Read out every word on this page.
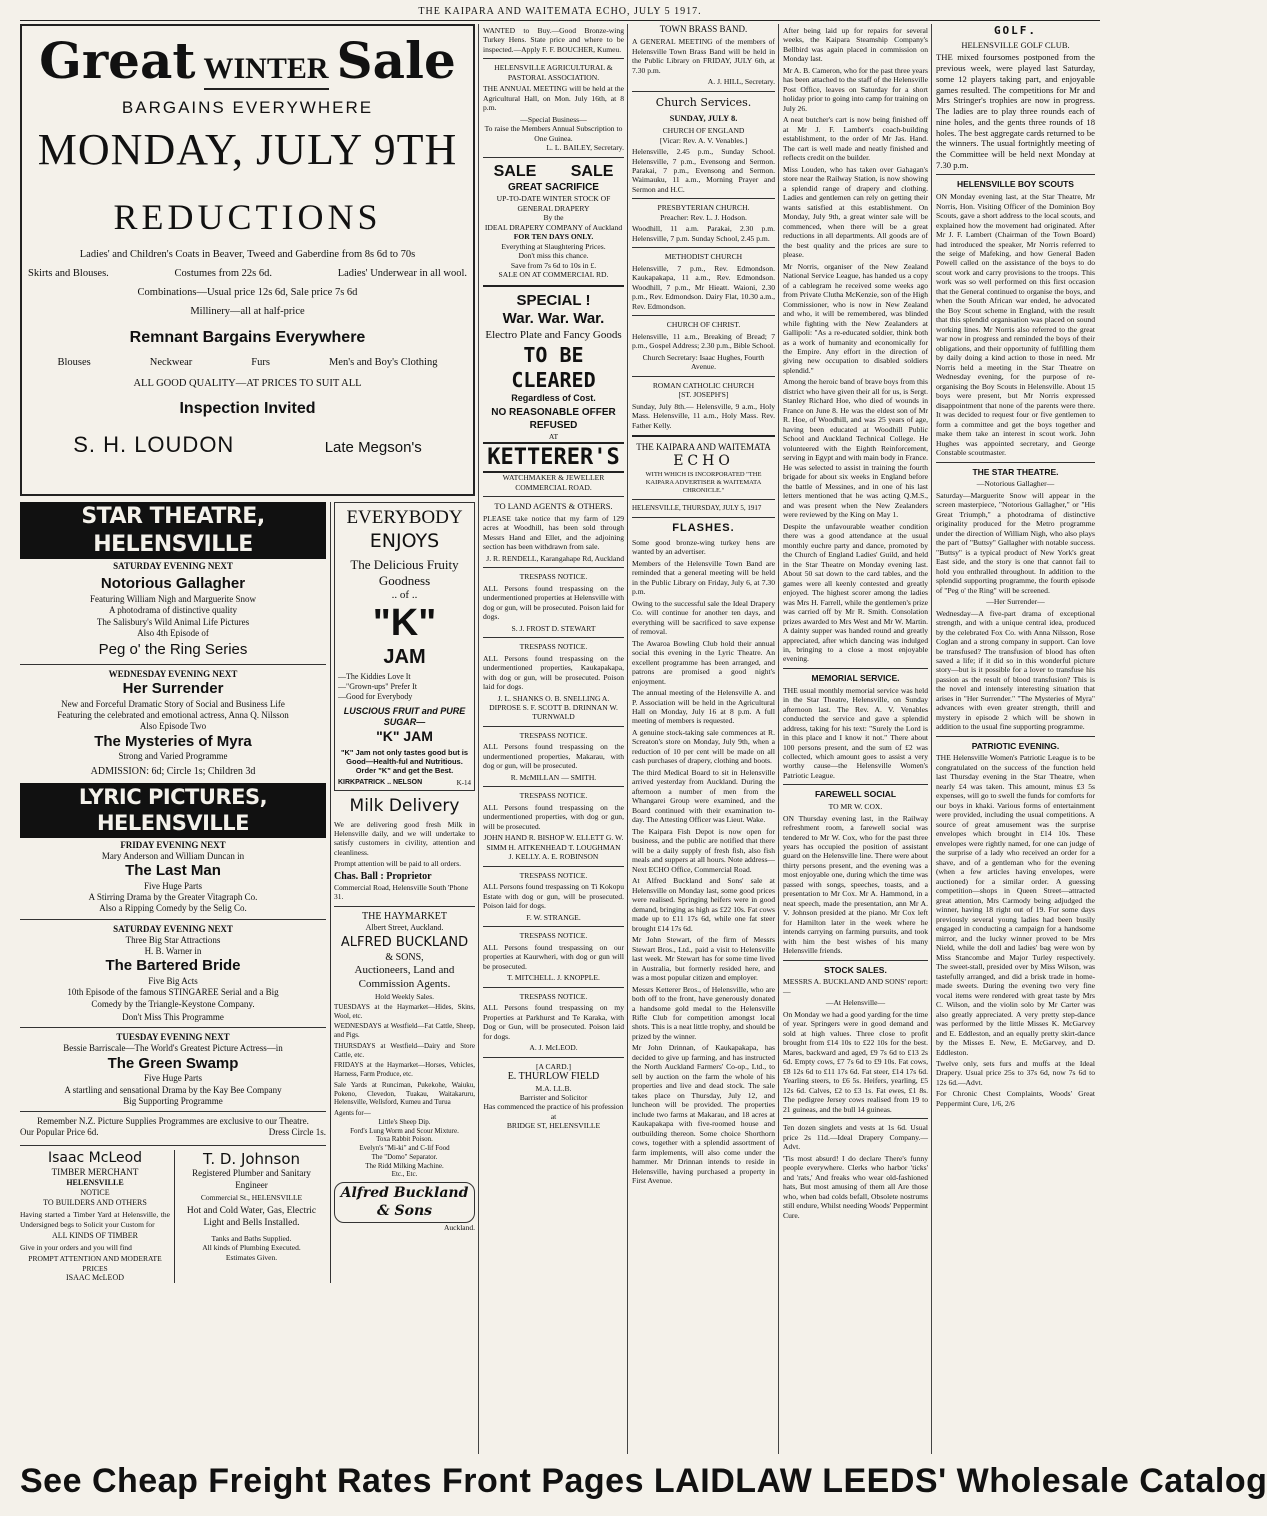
THE KAIPARA AND WAITEMATA ECHO, JULY 5 1917.
Great WINTER Sale
BARGAINS EVERYWHERE
MONDAY, JULY 9TH
REDUCTIONS
Ladies' and Children's Coats in Beaver, Tweed and Gaberdine from 8s 6d to 70s
Skirts and Blouses.	Costumes from 22s 6d.	Ladies' Underwear in all wool.
Combinations—Usual price 12s 6d, Sale price 7s 6d
Millinery—all at half-price
Remnant Bargains Everywhere
Blouses	Neckwear	Furs	Men's and Boy's Clothing
ALL GOOD QUALITY—AT PRICES TO SUIT ALL
Inspection Invited
S. H. LOUDON	Late Megson's
STAR THEATRE, HELENSVILLE
SATURDAY EVENING NEXT
Notorious Gallagher
Featuring William Nigh and Marguerite Snow
A photodrama of distinctive quality
The Salisbury's Wild Animal Life Pictures
Also 4th Episode of
Peg o' the Ring Series
WEDNESDAY EVENING NEXT
Her Surrender
New and Forceful Dramatic Story of Social and Business Life
Featuring the celebrated and emotional actress, Anna Q. Nilsson
Also Episode Two
The Mysteries of Myra
Strong and Varied Programme
ADMISSION: 6d; Circle 1s; Children 3d
LYRIC PICTURES, HELENSVILLE
FRIDAY EVENING NEXT
Mary Anderson and William Duncan in
The Last Man
Five Huge Parts
A Stirring Drama by the Greater Vitagraph Co.
Also a Ripping Comedy by the Selig Co.
SATURDAY EVENING NEXT
Three Big Star Attractions
H. B. Warner in
The Bartered Bride
Five Big Acts
10th Episode of the famous STINGAREE Serial and a Big
Comedy by the Triangle-Keystone Company.
Don't Miss This Programme
TUESDAY EVENING NEXT
Bessie Barriscale—The World's Greatest Picture Actress—in
The Green Swamp
Five Huge Parts
A startling and sensational Drama by the Kay Bee Company
Big Supporting Programme
Remember N.Z. Picture Supplies Programmes are exclusive to our Theatre.
Our Popular Price 6d.	Dress Circle 1s.
Isaac McLeod
TIMBER MERCHANT
HELENSVILLE
NOTICE
TO BUILDERS AND OTHERS

Having started a Timber Yard at Helensville, the Undersigned begs to Solicit your Custom for

ALL KINDS OF TIMBER

Give in your orders and you will find

PROMPT ATTENTION AND MODERATE PRICES
ISAAC McLEOD
T. D. Johnson
Registered Plumber and Sanitary Engineer
Commercial St., HELENSVILLE
Hot and Cold Water, Gas, Electric Light and Bells Installed.
Tanks and Baths Supplied.
All kinds of Plumbing Executed.
Estimates Given.
EVERYBODY
ENJOYS
The Delicious Fruity Goodness
.. of ..
"K"
JAM
—The Kiddies Love It
—"Grown-ups" Prefer It
—Good for Everybody
LUSCIOUS FRUIT and PURE SUGAR—
"K" JAM
"K" Jam not only tastes good but is Good—Health-ful and Nutritious. Order "K" and get the Best.
KIRKPATRICK .. NELSON	K-14
Milk Delivery

We are delivering good fresh Milk in Helensville daily, and we will undertake to satisfy customers in civility, attention and cleanliness.

Prompt attention will be paid to all orders.

Chas. Ball : Proprietor
Commercial Road, Helensville South 'Phone 31.
THE HAYMARKET
Albert Street, Auckland.
ALFRED BUCKLAND
& SONS,
Auctioneers, Land and Commission Agents.
Hold Weekly Sales.

TUESDAYS at the Haymarket—Hides, Skins, Wool, etc.

WEDNESDAYS at Westfield—Fat Cattle, Sheep, and Pigs.

THURSDAYS at Westfield—Dairy and Store Cattle, etc.

FRIDAYS at the Haymarket—Horses, Vehicles, Harness, Farm Produce, etc.

Sale Yards at Runciman, Pukekohe, Waiuku, Pokeno, Clevedon, Tuakau, Waitakaruru, Helensville, Wellsford, Kumeu and Turua

Agents for—
Little's Sheep Dip.
Ford's Lung Worm and Scour Mixture.
Toxa Rabbit Poison.
Evelyn's "Mi-ki" and C-lif Food
The "Domo" Separator.
The Ridd Milking Machine.
Etc., Etc.
Alfred Buckland & Sons
Auckland.

WANTED to Buy.—Good Bronze-wing Turkey Hens. State price and where to be inspected.—Apply F. F. BOUCHER, Kumeu.

HELENSVILLE AGRICULTURAL & PASTORAL ASSOCIATION.

THE ANNUAL MEETING will be held at the Agricultural Hall, on Mon. July 16th, at 8 p.m.

—Special Business—
To raise the Members Annual Subscription to One Guinea.
L. L. BAILEY, Secretary.
SALE SALE
GREAT SACRIFICE
UP-TO-DATE WINTER STOCK OF GENERAL DRAPERY
By the
IDEAL DRAPERY COMPANY of Auckland
FOR TEN DAYS ONLY.
Everything at Slaughtering Prices.
Don't miss this chance.
Save from 7s 6d to 10s in £.
SALE ON AT COMMERCIAL RD.
SPECIAL !
War. War. War.
Electro Plate and Fancy Goods
TO BE CLEARED
Regardless of Cost.
NO REASONABLE OFFER REFUSED
AT
KETTERER'S
WATCHMAKER & JEWELLER COMMERCIAL ROAD.
TO LAND AGENTS & OTHERS.

PLEASE take notice that my farm of 129 acres at Woodhill, has been sold through Messrs Hand and Ellet, and the adjoining section has been withdrawn from sale.

J. R. RENDELL, Karangahape Rd, Auckland
TRESPASS NOTICE.

ALL Persons found trespassing on the undermentioned properties at Helensville with dog or gun, will be prosecuted. Poison laid for dogs.

S. J. FROST D. STEWART
TRESPASS NOTICE.

ALL Persons found trespassing on the undermentioned properties, Kaukapakapa, with dog or gun, will be prosecuted. Poison laid for dogs.

J. L. SHANKS O. B. SNELLING A. DIPROSE S. F. SCOTT B. DRINNAN W. TURNWALD
TRESPASS NOTICE.

ALL Persons found trespassing on the undermentioned properties, Makarau, with dog or gun, will be prosecuted.

R. McMILLAN — SMITH.
TRESPASS NOTICE.

ALL Persons found trespassing on the undermentioned properties, with dog or gun, will be prosecuted.

JOHN HAND R. BISHOP W. ELLETT G. W. SIMM H. AITKENHEAD T. LOUGHMAN J. KELLY. A. E. ROBINSON
TRESPASS NOTICE.

ALL Persons found trespassing on Ti Kokopu Estate with dog or gun, will be prosecuted. Poison laid for dogs.

F. W. STRANGE.
TRESPASS NOTICE.

ALL Persons found trespassing on our properties at Kaurwheri, with dog or gun will be prosecuted.

T. MITCHELL. J. KNOPPLE.
TRESPASS NOTICE.

ALL Persons found trespassing on my Properties at Parkhurst and Te Karaka, with Dog or Gun, will be prosecuted. Poison laid for dogs.

A. J. McLEOD.
[A CARD.]
E. THURLOW FIELD
M.A. LL.B.
Barrister and Solicitor
Has commenced the practice of his profession at
BRIDGE ST, HELENSVILLE
TOWN BRASS BAND.

A GENERAL MEETING of the members of Helensville Town Brass Band will be held in the Public Library on FRIDAY, JULY 6th, at 7.30 p.m.

A. J. HILL, Secretary.
Church Services.
SUNDAY, JULY 8.
CHURCH OF ENGLAND
[Vicar: Rev. A. V. Venables.]

Helensville, 2.45 p.m., Sunday School. Helensville, 7 p.m., Evensong and Sermon. Parakai, 7 p.m., Evensong and Sermon. Waimauku, 11 a.m., Morning Prayer and Sermon and H.C.

PRESBYTERIAN CHURCH.
Preacher: Rev. L. J. Hodson.

Woodhill, 11 a.m. Parakai, 2.30 p.m. Helensville, 7 p.m. Sunday School, 2.45 p.m.

METHODIST CHURCH

Helensville, 7 p.m., Rev. Edmondson. Kaukapakapa, 11 a.m., Rev. Edmondson. Woodhill, 7 p.m., Mr Hieatt. Waioni, 2.30 p.m., Rev. Edmondson. Dairy Flat, 10.30 a.m., Rev. Edmondson.

CHURCH OF CHRIST.

Helensville, 11 a.m., Breaking of Bread; 7 p.m., Gospel Address; 2.30 p.m., Bible School.

Church Secretary: Isaac Hughes, Fourth Avenue.
ROMAN CATHOLIC CHURCH
[ST. JOSEPH'S]

Sunday, July 8th.— Helensville, 9 a.m., Holy Mass. Helensville, 11 a.m., Holy Mass. Rev. Father Kelly.

THE KAIPARA AND WAITEMATA
ECHO
WITH WHICH IS INCORPORATED "THE KAIPARA ADVERTISER & WAITEMATA CHRONICLE."
HELENSVILLE, THURSDAY, JULY 5, 1917
FLASHES.

Some good bronze-wing turkey hens are wanted by an advertiser.

Members of the Helensville Town Band are reminded that a general meeting will be held in the Public Library on Friday, July 6, at 7.30 p.m.

Owing to the successful sale the Ideal Drapery Co. will continue for another ten days, and everything will be sacrificed to save expense of removal.

The Awaroa Bowling Club hold their annual social this evening in the Lyric Theatre. An excellent programme has been arranged, and patrons are promised a good night's enjoyment.

The annual meeting of the Helensville A. and P. Association will be held in the Agricultural Hall on Monday, July 16 at 8 p.m. A full meeting of members is requested.

A genuine stock-taking sale commences at R. Screaton's store on Monday, July 9th, when a reduction of 10 per cent will be made on all cash purchases of drapery, clothing and boots.

The third Medical Board to sit in Helensville arrived yesterday from Auckland. During the afternoon a number of men from the Whangarei Group were examined, and the Board continued with their examination to-day. The Attesting Officer was Lieut. Wake.

The Kaipara Fish Depot is now open for business, and the public are notified that there will be a daily supply of fresh fish, also fish meals and suppers at all hours. Note address—Next ECHO Office, Commercial Road.

At Alfred Buckland and Sons' sale at Helensville on Monday last, some good prices were realised. Springing heifers were in good demand, bringing as high as £22 10s. Fat cows made up to £11 17s 6d, while one fat steer brought £14 17s 6d.

Mr John Stewart, of the firm of Messrs Stewart Bros., Ltd., paid a visit to Helensville last week. Mr Stewart has for some time lived in Australia, but formerly resided here, and was a most popular citizen and employer.

Messrs Ketterer Bros., of Helensville, who are both off to the front, have generously donated a handsome gold medal to the Helensville Rifle Club for competition amongst local shots. This is a neat little trophy, and should be prized by the winner.

Mr John Drinnan, of Kaukapakapa, has decided to give up farming, and has instructed the North Auckland Farmers' Co-op., Ltd., to sell by auction on the farm the whole of his properties and live and dead stock. The sale takes place on Thursday, July 12, and luncheon will be provided. The properties include two farms at Makarau, and 18 acres at Kaukapakapa with five-roomed house and outbuilding thereon. Some choice Shorthorn cows, together with a splendid assortment of farm implements, will also come under the hammer. Mr Drinnan intends to reside in Helensville, having purchased a property in First Avenue.

After being laid up for repairs for several weeks, the Kaipara Steamship Company's Bellbird was again placed in commission on Monday last.

Mr A. B. Cameron, who for the past three years has been attached to the staff of the Helensville Post Office, leaves on Saturday for a short holiday prior to going into camp for training on July 26.

A neat butcher's cart is now being finished off at Mr J. F. Lambert's coach-building establishment, to the order of Mr Jas. Hand. The cart is well made and neatly finished and reflects credit on the builder.

Miss Louden, who has taken over Gahagan's store near the Railway Station, is now showing a splendid range of drapery and clothing. Ladies and gentlemen can rely on getting their wants satisfied at this establishment. On Monday, July 9th, a great winter sale will be commenced, when there will be a great reductions in all departments. All goods are of the best quality and the prices are sure to please.

Mr Norris, organiser of the New Zealand National Service League, has handed us a copy of a cablegram he received some weeks ago from Private Clutha McKenzie, son of the High Commissioner, who is now in New Zealand and who, it will be remembered, was blinded while fighting with the New Zealanders at Gallipoli: "As a re-educated soldier, think both as a work of humanity and economically for the Empire. Any effort in the direction of giving new occupation to disabled soldiers splendid."

Among the heroic band of brave boys from this district who have given their all for us, is Sergt. Stanley Richard Hoe, who died of wounds in France on June 8. He was the eldest son of Mr R. Hoe, of Woodhill, and was 25 years of age, having been educated at Woodhill Public School and Auckland Technical College. He volunteered with the Eighth Reinforcement, serving in Egypt and with main body in France. He was selected to assist in training the fourth brigade for about six weeks in England before the battle of Messines, and in one of his last letters mentioned that he was acting Q.M.S., and was present when the New Zealanders were reviewed by the King on May 1.

Despite the unfavourable weather condition there was a good attendance at the usual monthly euchre party and dance, promoted by the Church of England Ladies' Guild, and held in the Star Theatre on Monday evening last. About 50 sat down to the card tables, and the games were all keenly contested and greatly enjoyed. The highest scorer among the ladies was Mrs H. Farrell, while the gentlemen's prize was carried off by Mr R. Smith. Consolation prizes awarded to Mrs West and Mr W. Martin. A dainty supper was handed round and greatly appreciated, after which dancing was indulged in, bringing to a close a most enjoyable evening.

MEMORIAL SERVICE.

THE usual monthly memorial service was held in the Star Theatre, Helensville, on Sunday afternoon last. The Rev. A. V. Venables conducted the service and gave a splendid address, taking for his text: "Surely the Lord is in this place and I know it not." There about 100 persons present, and the sum of £2 was collected, which amount goes to assist a very worthy cause—the Helensville Women's Patriotic League.

FAREWELL SOCIAL
TO MR W. COX.

ON Thursday evening last, in the Railway refreshment room, a farewell social was tendered to Mr W. Cox, who for the past three years has occupied the position of assistant guard on the Helensville line. There were about thirty persons present, and the evening was a most enjoyable one, during which the time was passed with songs, speeches, toasts, and a presentation to Mr Cox. Mr A. Hammond, in a neat speech, made the presentation, ann Mr A. V. Johnson presided at the piano. Mr Cox left for Hamilton later in the week where he intends carrying on farming pursuits, and took with him the best wishes of his many Helensville friends.

STOCK SALES.

MESSRS A. BUCKLAND AND SONS' report:—

—At Helensville—

On Monday we had a good yarding for the time of year. Springers were in good demand and sold at high values. Three close to profit brought from £14 10s to £22 10s for the best. Mares, backward and aged, £9 7s 6d to £13 2s 6d. Empty cows, £7 7s 6d to £9 10s. Fat cows, £8 12s 6d to £11 17s 6d. Fat steer, £14 17s 6d. Yearling steers, to £6 5s. Heifers, yearling, £5 12s 6d. Calves, £2 to £3 1s. Fat ewes, £1 8s. The pedigree Jersey cows realised from 19 to 21 guineas, and the bull 14 guineas.

Ten dozen singlets and vests at 1s 6d. Usual price 2s 11d.—Ideal Drapery Company.—Advt.

'Tis most absurd! I do declare There's funny people everywhere. Clerks who harbor 'ticks' and 'rats,' And freaks who wear old-fashioned hats, But most amusing of them all Are those who, when bad colds befall, Obsolete nostrums still endure, Whilst needing Woods' Peppermint Cure.

GOLF.
HELENSVILLE GOLF CLUB.

THE mixed foursomes postponed from the previous week, were played last Saturday, some 12 players taking part, and enjoyable games resulted. The competitions for Mr and Mrs Stringer's trophies are now in progress. The ladies are to play three rounds each of nine holes, and the gents three rounds of 18 holes. The best aggregate cards returned to be the winners. The usual fortnightly meeting of the Committee will be held next Monday at 7.30 p.m.

HELENSVILLE BOY SCOUTS

ON Monday evening last, at the Star Theatre, Mr Norris, Hon. Visiting Officer of the Dominion Boy Scouts, gave a short address to the local scouts, and explained how the movement had originated. After Mr J. F. Lambert (Chairman of the Town Board) had introduced the speaker, Mr Norris referred to the seige of Mafeking, and how General Baden Powell called on the assistance of the boys to do scout work and carry provisions to the troops. This work was so well performed on this first occasion that the General continued to organise the boys, and when the South African war ended, he advocated the Boy Scout scheme in England, with the result that this splendid organisation was placed on sound working lines. Mr Norris also referred to the great war now in progress and reminded the boys of their obligations, and their opportunity of fulfilling them by daily doing a kind action to those in need. Mr Norris held a meeting in the Star Theatre on Wednesday evening, for the purpose of re-organising the Boy Scouts in Helensville. About 15 boys were present, but Mr Norris expressed disappointment that none of the parents were there. It was decided to request four or five gentlemen to form a committee and get the boys together and make them take an interest in scout work. John Hughes was appointed secretary, and George Constable scoutmaster.

THE STAR THEATRE.
—Notorious Gallagher—

Saturday—Marguerite Snow will appear in the screen masterpiece, "Notorious Gallagher," or "His Great Triumph," a photodrama of distinctive originality produced for the Metro programme under the direction of William Nigh, who also plays the part of "Buttsy" Gallagher with notable success. "Buttsy" is a typical product of New York's great East side, and the story is one that cannot fail to hold you enthralled throughout. In addition to the splendid supporting programme, the fourth episode of "Peg o' the Ring" will be screened.

—Her Surrender—

Wednesday—A five-part drama of exceptional strength, and with a unique central idea, produced by the celebrated Fox Co. with Anna Nilsson, Rose Coglan and a strong company in support. Can love be transfused? The transfusion of blood has often saved a life; if it did so in this wonderful picture story—but is it possible for a lover to transfuse his passion as the result of blood transfusion? This is the novel and intensely interesting situation that arises in "Her Surrender." "The Mysteries of Myra" advances with even greater strength, thrill and mystery in episode 2 which will be shown in addition to the usual fine supporting programme.

PATRIOTIC EVENING.

THE Helensville Women's Patriotic League is to be congratulated on the success of the function held last Thursday evening in the Star Theatre, when nearly £4 was taken. This amount, minus £3 5s expenses, will go to swell the funds for comforts for our boys in khaki. Various forms of entertainment were provided, including the usual competitions. A source of great amusement was the surprise envelopes which brought in £14 10s. These envelopes were rightly named, for one can judge of the surprise of a lady who received an order for a shave, and of a gentleman who for the evening (when a few articles having envelopes, were auctioned) for a similar order. A guessing competition—shops in Queen Street—attracted great attention, Mrs Carmody being adjudged the winner, having 18 right out of 19. For some days previously several young ladies had been busily engaged in conducting a campaign for a handsome mirror, and the lucky winner proved to be Mrs Nield, while the doll and ladies' bag were won by Miss Stancombe and Major Turley respectively. The sweet-stall, presided over by Miss Wilson, was tastefully arranged, and did a brisk trade in home-made sweets. During the evening two very fine vocal items were rendered with great taste by Mrs C. Wilson, and the violin solo by Mr Carter was also greatly appreciated. A very pretty step-dance was performed by the little Misses K. McGarvey and E. Eddleston, and an equally pretty skirt-dance by the Misses E. New, E. McGarvey, and D. Eddleston.

Twelve only, sets furs and muffs at the Ideal Drapery. Usual price 25s to 37s 6d, now 7s 6d to 12s 6d.—Advt.

For Chronic Chest Complaints, Woods' Great Peppermint Cure, 1/6, 2/6

See Cheap Freight Rates Front Pages LAIDLAW LEEDS' Wholesale Catalog
